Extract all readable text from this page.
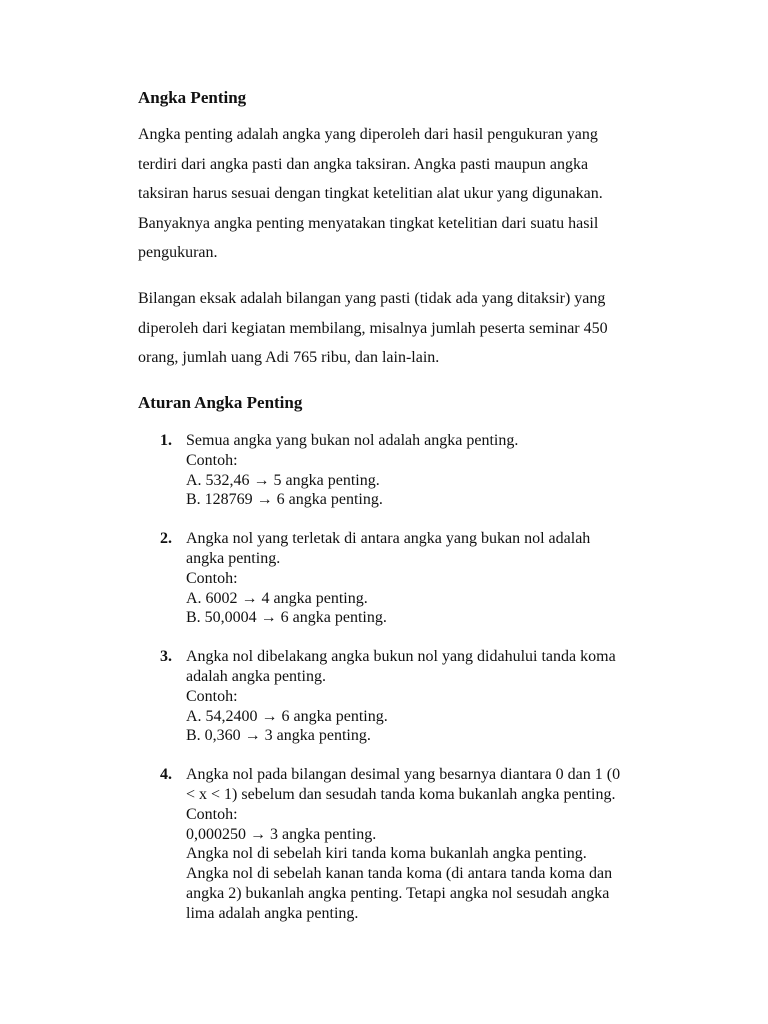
Angka Penting

Angka penting adalah angka yang diperoleh dari hasil pengukuran yang
terdiri dari angka pasti dan angka taksiran. Angka pasti maupun angka
taksiran harus sesuai dengan tingkat ketelitian alat ukur yang digunakan.
Banyaknya angka penting menyatakan tingkat ketelitian dari suatu hasil
pengukuran.

Bilangan eksak adalah bilangan yang pasti (tidak ada yang ditaksir) yang
diperoleh dari kegiatan membilang, misalnya jumlah peserta seminar 450
orang, jumlah uang Adi 765 ribu, dan lain-lain.

Aturan Angka Penting
1. Semua angka yang bukan nol adalah angka penting.
Contoh:
A. 532,46 → 5 angka penting.
B. 128769 → 6 angka penting.
2. Angka nol yang terletak di antara angka yang bukan nol adalah
angka penting.
Contoh:
A. 6002 → 4 angka penting.
B. 50,0004 → 6 angka penting.
3. Angka nol dibelakang angka bukun nol yang didahului tanda koma
adalah angka penting.
Contoh:
A. 54,2400 → 6 angka penting.
B. 0,360 → 3 angka penting.
4. Angka nol pada bilangan desimal yang besarnya diantara 0 dan 1 (0
< x < 1) sebelum dan sesudah tanda koma bukanlah angka penting.
Contoh:
0,000250 → 3 angka penting.
Angka nol di sebelah kiri tanda koma bukanlah angka penting.
Angka nol di sebelah kanan tanda koma (di antara tanda koma dan
angka 2) bukanlah angka penting. Tetapi angka nol sesudah angka
lima adalah angka penting.
